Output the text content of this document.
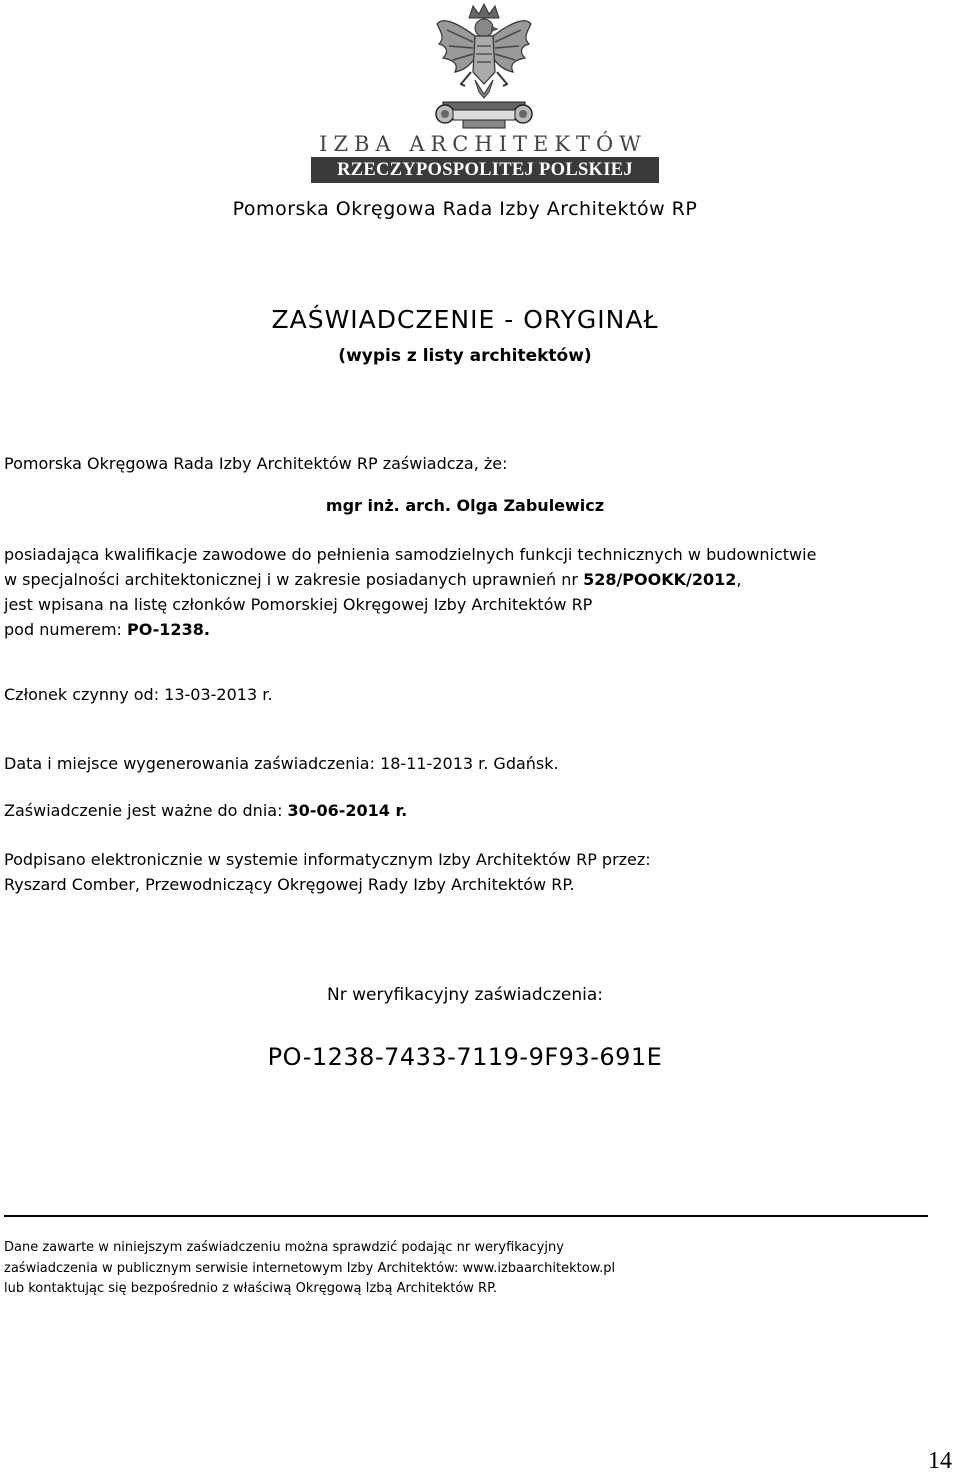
IZBA ARCHITEKTÓW
RZECZYPOSPOLITEJ POLSKIEJ
Pomorska Okręgowa Rada Izby Architektów RP
ZAŚWIADCZENIE - ORYGINAŁ
(wypis z listy architektów)
Pomorska Okręgowa Rada Izby Architektów RP zaświadcza, że:
mgr inż. arch. Olga Zabulewicz
posiadająca kwalifikacje zawodowe do pełnienia samodzielnych funkcji technicznych w budownictwie
w specjalności architektonicznej i w zakresie posiadanych uprawnień nr 528/POOKK/2012,
jest wpisana na listę członków Pomorskiej Okręgowej Izby Architektów RP
pod numerem: PO-1238.
Członek czynny od: 13-03-2013 r.
Data i miejsce wygenerowania zaświadczenia: 18-11-2013 r. Gdańsk.
Zaświadczenie jest ważne do dnia: 30-06-2014 r.
Podpisano elektronicznie w systemie informatycznym Izby Architektów RP przez:
Ryszard Comber, Przewodniczący Okręgowej Rady Izby Architektów RP.
Nr weryfikacyjny zaświadczenia:
PO-1238-7433-7119-9F93-691E
Dane zawarte w niniejszym zaświadczeniu można sprawdzić podając nr weryfikacyjny
zaświadczenia w publicznym serwisie internetowym Izby Architektów: www.izbaarchitektow.pl
lub kontaktując się bezpośrednio z właściwą Okręgową Izbą Architektów RP.
14
